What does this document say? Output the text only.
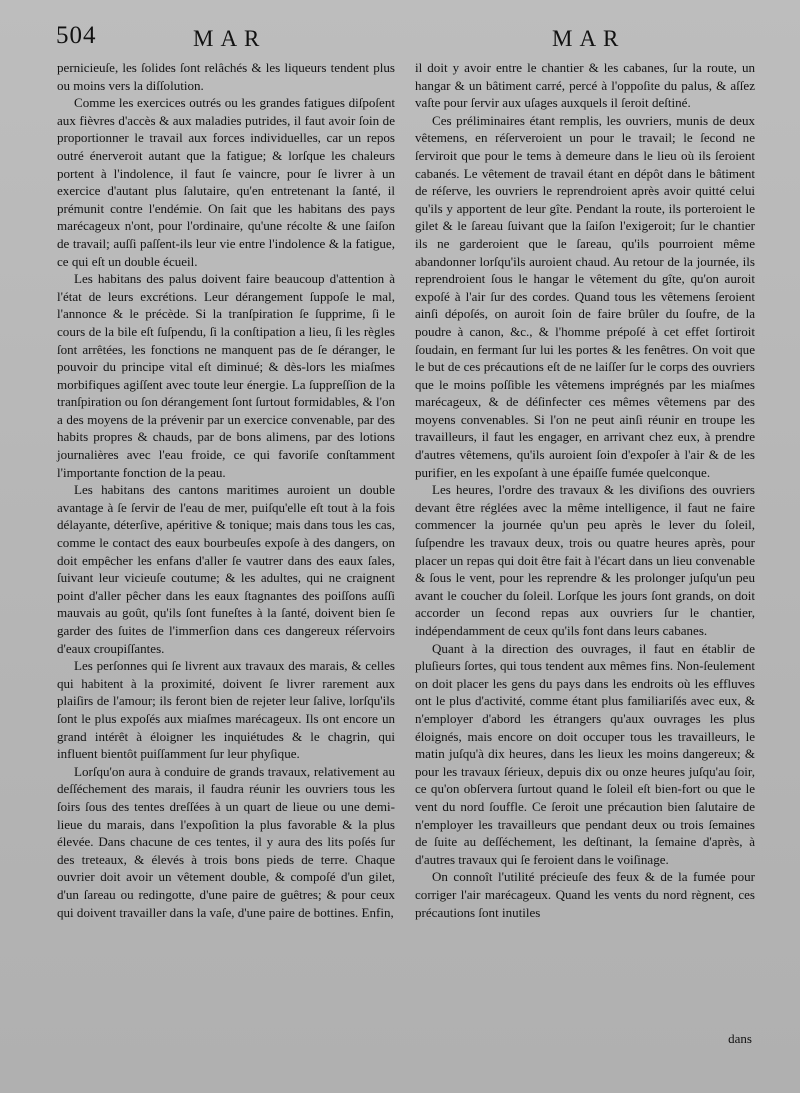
504	MAR	MAR

pernicieuſe, les ſolides ſont relâchés & les liqueurs tendent plus ou moins vers la diſſolution.

Comme les exercices outrés ou les grandes fatigues diſpoſent aux fièvres d'accès & aux maladies putrides, il faut avoir ſoin de proportionner le travail aux forces individuelles, car un repos outré énerveroit autant que la fatigue; & lorſque les chaleurs portent à l'indolence, il faut ſe vaincre, pour ſe livrer à un exercice d'autant plus ſalutaire, qu'en entretenant la ſanté, il prémunit contre l'endémie. On ſait que les habitans des pays marécageux n'ont, pour l'ordinaire, qu'une récolte & une ſaiſon de travail; auſſi paſſent-ils leur vie entre l'indolence & la fatigue, ce qui eſt un double écueil.

Les habitans des palus doivent faire beaucoup d'attention à l'état de leurs excrétions. Leur dérangement ſuppoſe le mal, l'annonce & le précède. Si la tranſpiration ſe ſupprime, ſi le cours de la bile eſt ſuſpendu, ſi la conſtipation a lieu, ſi les règles ſont arrêtées, les fonctions ne manquent pas de ſe déranger, le pouvoir du principe vital eſt diminué; & dès-lors les miaſmes morbifiques agiſſent avec toute leur énergie. La ſuppreſſion de la tranſpiration ou ſon dérangement ſont ſurtout formidables, & l'on a des moyens de la prévenir par un exercice convenable, par des habits propres & chauds, par de bons alimens, par des lotions journalières avec l'eau froide, ce qui favoriſe conſtamment l'importante fonction de la peau.

Les habitans des cantons maritimes auroient un double avantage à ſe ſervir de l'eau de mer, puiſqu'elle eſt tout à la fois délayante, déterſive, apéritive & tonique; mais dans tous les cas, comme le contact des eaux bourbeuſes expoſe à des dangers, on doit empêcher les enfans d'aller ſe vautrer dans des eaux ſales, ſuivant leur vicieuſe coutume; & les adultes, qui ne craignent point d'aller pêcher dans les eaux ſtagnantes des poiſſons auſſi mauvais au goût, qu'ils ſont funeſtes à la ſanté, doivent bien ſe garder des ſuites de l'immerſion dans ces dangereux réſervoirs d'eaux croupiſſantes.

Les perſonnes qui ſe livrent aux travaux des marais, & celles qui habitent à la proximité, doivent ſe livrer rarement aux plaiſirs de l'amour; ils feront bien de rejeter leur ſalive, lorſqu'ils ſont le plus expoſés aux miaſmes marécageux. Ils ont encore un grand intérêt à éloigner les inquiétudes & le chagrin, qui influent bientôt puiſſamment ſur leur phyſique.

Lorſqu'on aura à conduire de grands travaux, relativement au deſſéchement des marais, il faudra réunir les ouvriers tous les ſoirs ſous des tentes dreſſées à un quart de lieue ou une demi-lieue du marais, dans l'expoſition la plus favorable & la plus élevée. Dans chacune de ces tentes, il y aura des lits poſés ſur des treteaux, & élevés à trois bons pieds de terre. Chaque ouvrier doit avoir un vêtement double, & compoſé d'un gilet, d'un ſareau ou redingotte, d'une paire de guêtres; & pour ceux qui doivent travailler dans la vaſe, d'une paire de bottines. Enfin,

il doit y avoir entre le chantier & les cabanes, ſur la route, un hangar & un bâtiment carré, percé à l'oppoſite du palus, & aſſez vaſte pour ſervir aux uſages auxquels il ſeroit deſtiné.

Ces préliminaires étant remplis, les ouvriers, munis de deux vêtemens, en réſerveroient un pour le travail; le ſecond ne ſerviroit que pour le tems à demeure dans le lieu où ils ſeroient cabanés. Le vêtement de travail étant en dépôt dans le bâtiment de réſerve, les ouvriers le reprendroient après avoir quitté celui qu'ils y apportent de leur gîte. Pendant la route, ils porteroient le gilet & le ſareau ſuivant que la ſaiſon l'exigeroit; ſur le chantier ils ne garderoient que le ſareau, qu'ils pourroient même abandonner lorſqu'ils auroient chaud. Au retour de la journée, ils reprendroient ſous le hangar le vêtement du gîte, qu'on auroit expoſé à l'air ſur des cordes. Quand tous les vêtemens ſeroient ainſi dépoſés, on auroit ſoin de faire brûler du ſoufre, de la poudre à canon, &c., & l'homme prépoſé à cet effet ſortiroit ſoudain, en fermant ſur lui les portes & les fenêtres. On voit que le but de ces précautions eſt de ne laiſſer ſur le corps des ouvriers que le moins poſſible les vêtemens imprégnés par les miaſmes marécageux, & de déſinfecter ces mêmes vêtemens par des moyens convenables. Si l'on ne peut ainſi réunir en troupe les travailleurs, il faut les engager, en arrivant chez eux, à prendre d'autres vêtemens, qu'ils auroient ſoin d'expoſer à l'air & de les purifier, en les expoſant à une épaiſſe fumée quelconque.

Les heures, l'ordre des travaux & les diviſions des ouvriers devant être réglées avec la même intelligence, il faut ne faire commencer la journée qu'un peu après le lever du ſoleil, ſuſpendre les travaux deux, trois ou quatre heures après, pour placer un repas qui doit être fait à l'écart dans un lieu convenable & ſous le vent, pour les reprendre & les prolonger juſqu'un peu avant le coucher du ſoleil. Lorſque les jours ſont grands, on doit accorder un ſecond repas aux ouvriers ſur le chantier, indépendamment de ceux qu'ils font dans leurs cabanes.

Quant à la direction des ouvrages, il faut en établir de pluſieurs ſortes, qui tous tendent aux mêmes fins. Non-ſeulement on doit placer les gens du pays dans les endroits où les effluves ont le plus d'activité, comme étant plus familiariſés avec eux, & n'employer d'abord les étrangers qu'aux ouvrages les plus éloignés, mais encore on doit occuper tous les travailleurs, le matin juſqu'à dix heures, dans les lieux les moins dangereux; & pour les travaux ſérieux, depuis dix ou onze heures juſqu'au ſoir, ce qu'on obſervera ſurtout quand le ſoleil eſt bien-fort ou que le vent du nord ſouffle. Ce ſeroit une précaution bien ſalutaire de n'employer les travailleurs que pendant deux ou trois ſemaines de ſuite au deſſéchement, les deſtinant, la ſemaine d'après, à d'autres travaux qui ſe feroient dans le voiſinage.

On connoît l'utilité précieuſe des feux & de la fumée pour corriger l'air marécageux. Quand les vents du nord règnent, ces précautions ſont inutiles

dans
